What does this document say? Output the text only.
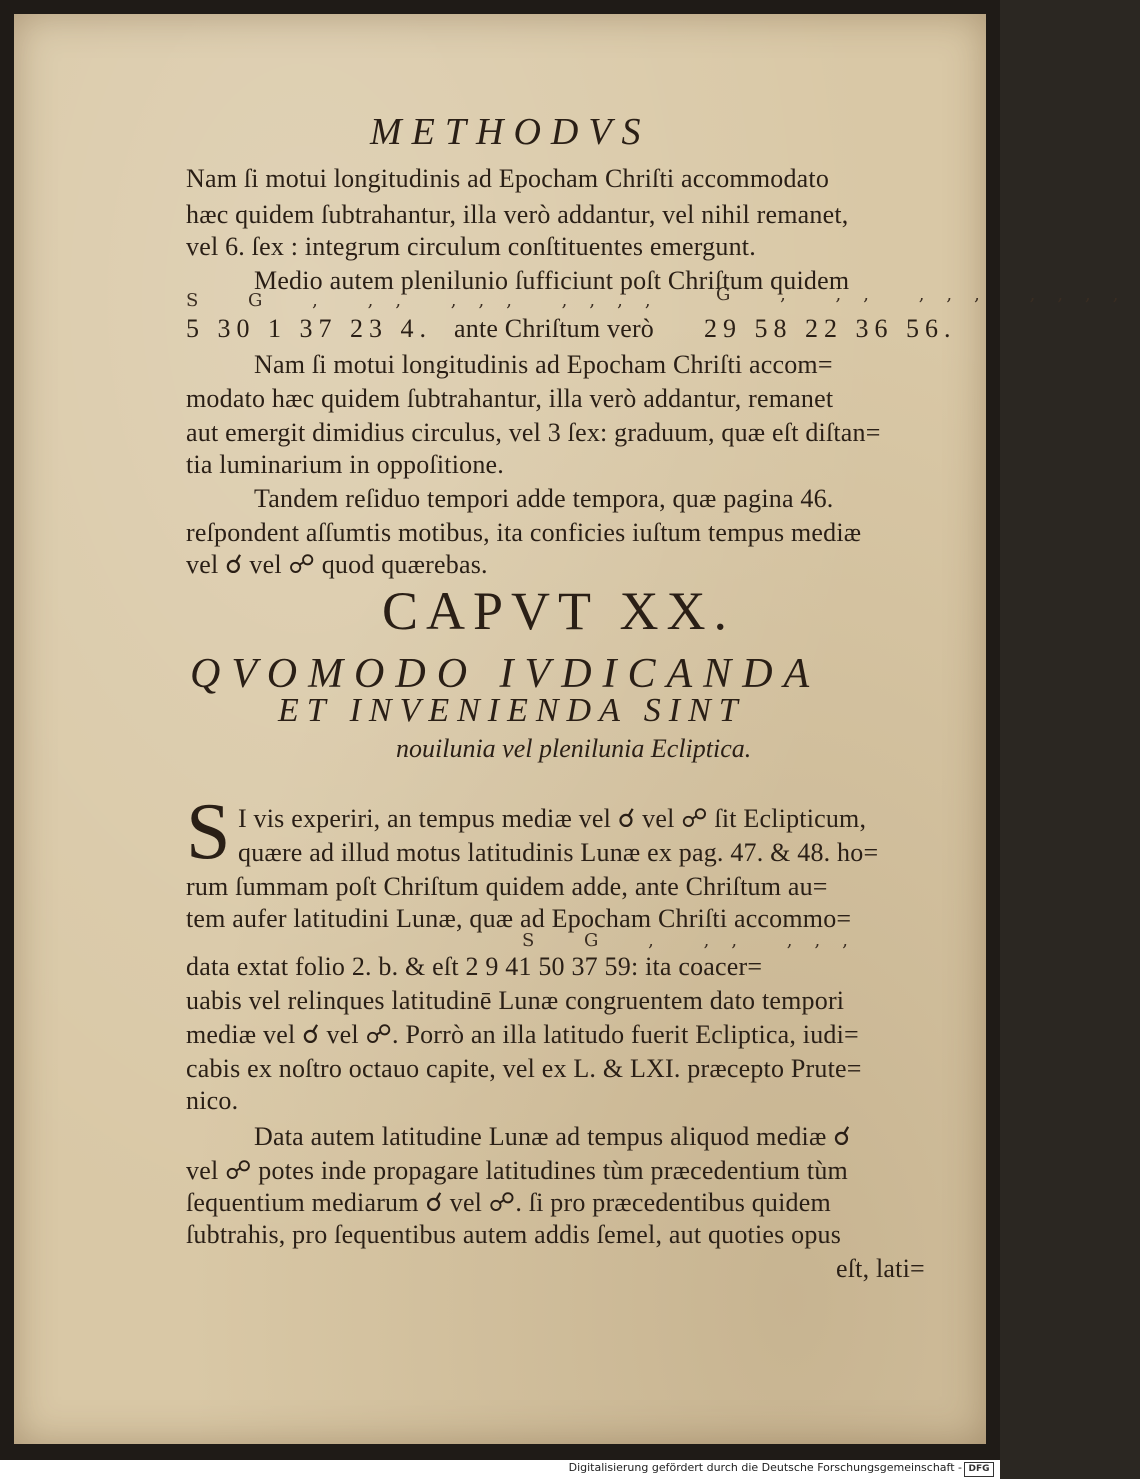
METHODVS
Nam ſi motui longitudinis ad Epocham Chriſti accommodato
hæc quidem ſubtrahantur, illa verò addantur, vel nihil remanet,
vel 6. ſex : integrum circulum conſtituentes emergunt.
Medio autem plenilunio ſufficiunt poſt Chriſtum quidem
S G , ,, ,,, ,,,, G , ,, ,,, ,,,,
5 30 1 37 23 4. ante Chriſtum verò 29 58 22 36 56.
Nam ſi motui longitudinis ad Epocham Chriſti accom=
modato hæc quidem ſubtrahantur, illa verò addantur, remanet
aut emergit dimidius circulus, vel 3 ſex: graduum, quæ eſt diſtan=
tia luminarium in oppoſitione.
Tandem reſiduo tempori adde tempora, quæ pagina 46.
reſpondent aſſumtis motibus, ita conficies iuſtum tempus mediæ
vel ☌ vel ☍ quod quærebas.
CAPVT XX.
QVOMODO IVDICANDA
ET INVENIENDA SINT
nouilunia vel plenilunia Ecliptica.
S I vis experiri, an tempus mediæ vel ☌ vel ☍ ſit Eclipticum,
quære ad illud motus latitudinis Lunæ ex pag. 47. & 48. ho=
rum ſummam poſt Chriſtum quidem adde, ante Chriſtum au=
tem aufer latitudini Lunæ, quæ ad Epocham Chriſti accommo=
S G , ,, ,,,
data extat folio 2. b. & eſt 2 9 41 50 37 59: ita coacer=
uabis vel relinques latitudinē Lunæ congruentem dato tempori
mediæ vel ☌ vel ☍. Porrò an illa latitudo fuerit Ecliptica, iudi=
cabis ex noſtro octauo capite, vel ex L. & LXI. præcepto Prute=
nico.
Data autem latitudine Lunæ ad tempus aliquod mediæ ☌
vel ☍ potes inde propagare latitudines tùm præcedentium tùm
ſequentium mediarum ☌ vel ☍. ſi pro præcedentibus quidem
ſubtrahis, pro ſequentibus autem addis ſemel, aut quoties opus
eſt, lati=
Digitalisierung gefördert durch die Deutsche Forschungsgemeinschaft - DFG
